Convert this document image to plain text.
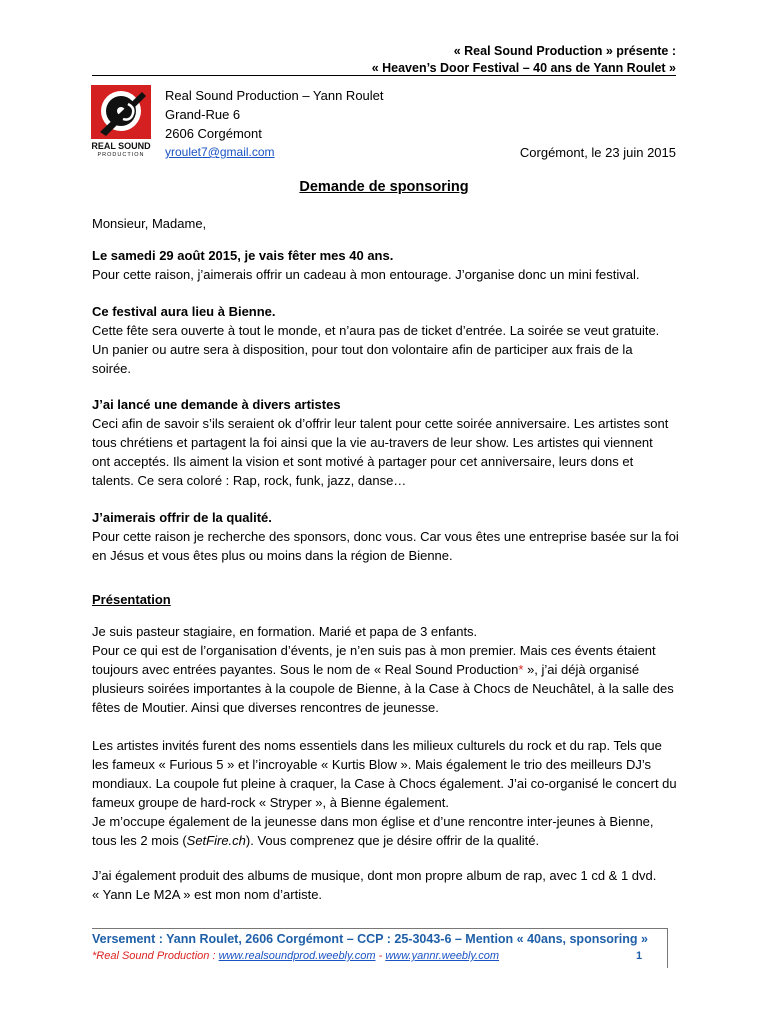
« Real Sound Production » présente :
« Heaven’s Door Festival – 40 ans de Yann Roulet »
REAL SOUND
PRODUCTION
Real Sound Production – Yann Roulet
Grand-Rue 6
2606 Corgémont
yroulet7@gmail.com	Corgémont, le 23 juin 2015
Demande de sponsoring
Monsieur, Madame,
Le samedi 29 août 2015, je vais fêter mes 40 ans.
Pour cette raison, j’aimerais offrir un cadeau à mon entourage. J’organise donc un mini festival.
Ce festival aura lieu à Bienne.
Cette fête sera ouverte à tout le monde, et n’aura pas de ticket d’entrée. La soirée se veut gratuite.
Un panier ou autre sera à disposition, pour tout don volontaire afin de participer aux frais de la
soirée.
J’ai lancé une demande à divers artistes
Ceci afin de savoir s’ils seraient ok d’offrir leur talent pour cette soirée anniversaire. Les artistes sont
tous chrétiens et partagent la foi ainsi que la vie au-travers de leur show. Les artistes qui viennent
ont acceptés. Ils aiment la vision et sont motivé à partager pour cet anniversaire, leurs dons et
talents. Ce sera coloré : Rap, rock, funk, jazz, danse…
J’aimerais offrir de la qualité.
Pour cette raison je recherche des sponsors, donc vous. Car vous êtes une entreprise basée sur la foi
en Jésus et vous êtes plus ou moins dans la région de Bienne.
Présentation
Je suis pasteur stagiaire, en formation. Marié et papa de 3 enfants.
Pour ce qui est de l’organisation d’évents, je n’en suis pas à mon premier. Mais ces évents étaient
toujours avec entrées payantes. Sous le nom de « Real Sound Production* », j’ai déjà organisé
plusieurs soirées importantes à la coupole de Bienne, à la Case à Chocs de Neuchâtel, à la salle des
fêtes de Moutier. Ainsi que diverses rencontres de jeunesse.
Les artistes invités furent des noms essentiels dans les milieux culturels du rock et du rap. Tels que
les fameux « Furious 5 » et l’incroyable « Kurtis Blow ». Mais également le trio des meilleurs DJ’s
mondiaux. La coupole fut pleine à craquer, la Case à Chocs également. J’ai co-organisé le concert du
fameux groupe de hard-rock « Stryper », à Bienne également.
Je m’occupe également de la jeunesse dans mon église et d’une rencontre inter-jeunes à Bienne,
tous les 2 mois (SetFire.ch). Vous comprenez que je désire offrir de la qualité.
J’ai également produit des albums de musique, dont mon propre album de rap, avec 1 cd & 1 dvd.
« Yann Le M2A » est mon nom d’artiste.
Versement : Yann Roulet, 2606 Corgémont – CCP : 25-3043-6 – Mention « 40ans, sponsoring »
*Real Sound Production : www.realsoundprod.weebly.com - www.yannr.weebly.com	1
